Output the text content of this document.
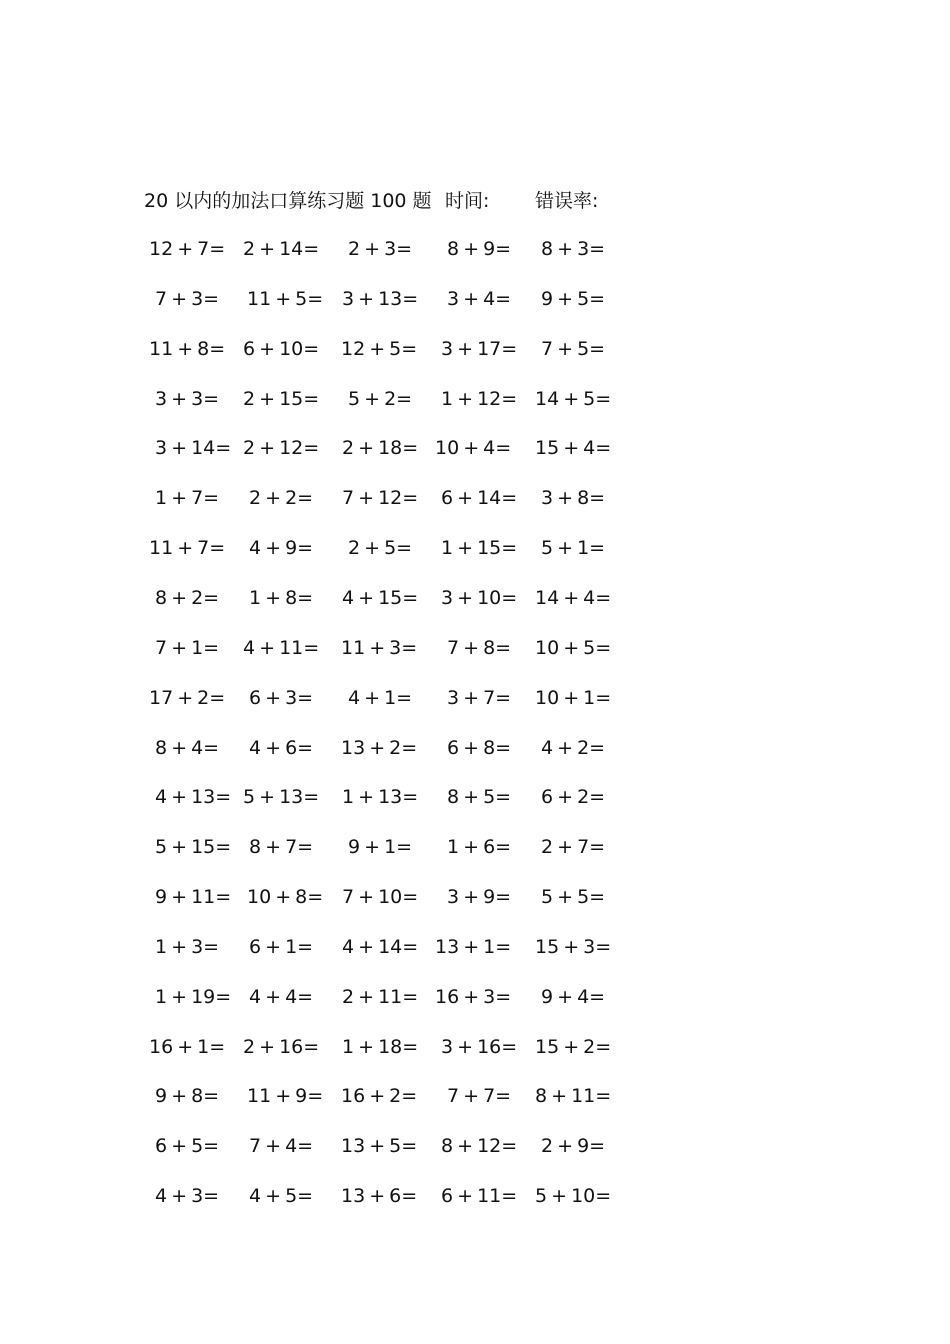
20 以内的加法口算练习题 100 题 时间: 错误率:
12 + 7= 2 + 14= 2 + 3= 8 + 9= 8 + 3=
7 + 3= 11 + 5= 3 + 13= 3 + 4= 9 + 5=
11 + 8= 6 + 10= 12 + 5= 3 + 17= 7 + 5=
3 + 3= 2 + 15= 5 + 2= 1 + 12= 14 + 5=
3 + 14= 2 + 12= 2 + 18= 10 + 4= 15 + 4=
1 + 7= 2 + 2= 7 + 12= 6 + 14= 3 + 8=
11 + 7= 4 + 9= 2 + 5= 1 + 15= 5 + 1=
8 + 2= 1 + 8= 4 + 15= 3 + 10= 14 + 4=
7 + 1= 4 + 11= 11 + 3= 7 + 8= 10 + 5=
17 + 2= 6 + 3= 4 + 1= 3 + 7= 10 + 1=
8 + 4= 4 + 6= 13 + 2= 6 + 8= 4 + 2=
4 + 13= 5 + 13= 1 + 13= 8 + 5= 6 + 2=
5 + 15= 8 + 7= 9 + 1= 1 + 6= 2 + 7=
9 + 11= 10 + 8= 7 + 10= 3 + 9= 5 + 5=
1 + 3= 6 + 1= 4 + 14= 13 + 1= 15 + 3=
1 + 19= 4 + 4= 2 + 11= 16 + 3= 9 + 4=
16 + 1= 2 + 16= 1 + 18= 3 + 16= 15 + 2=
9 + 8= 11 + 9= 16 + 2= 7 + 7= 8 + 11=
6 + 5= 7 + 4= 13 + 5= 8 + 12= 2 + 9=
4 + 3= 4 + 5= 13 + 6= 6 + 11= 5 + 10=
